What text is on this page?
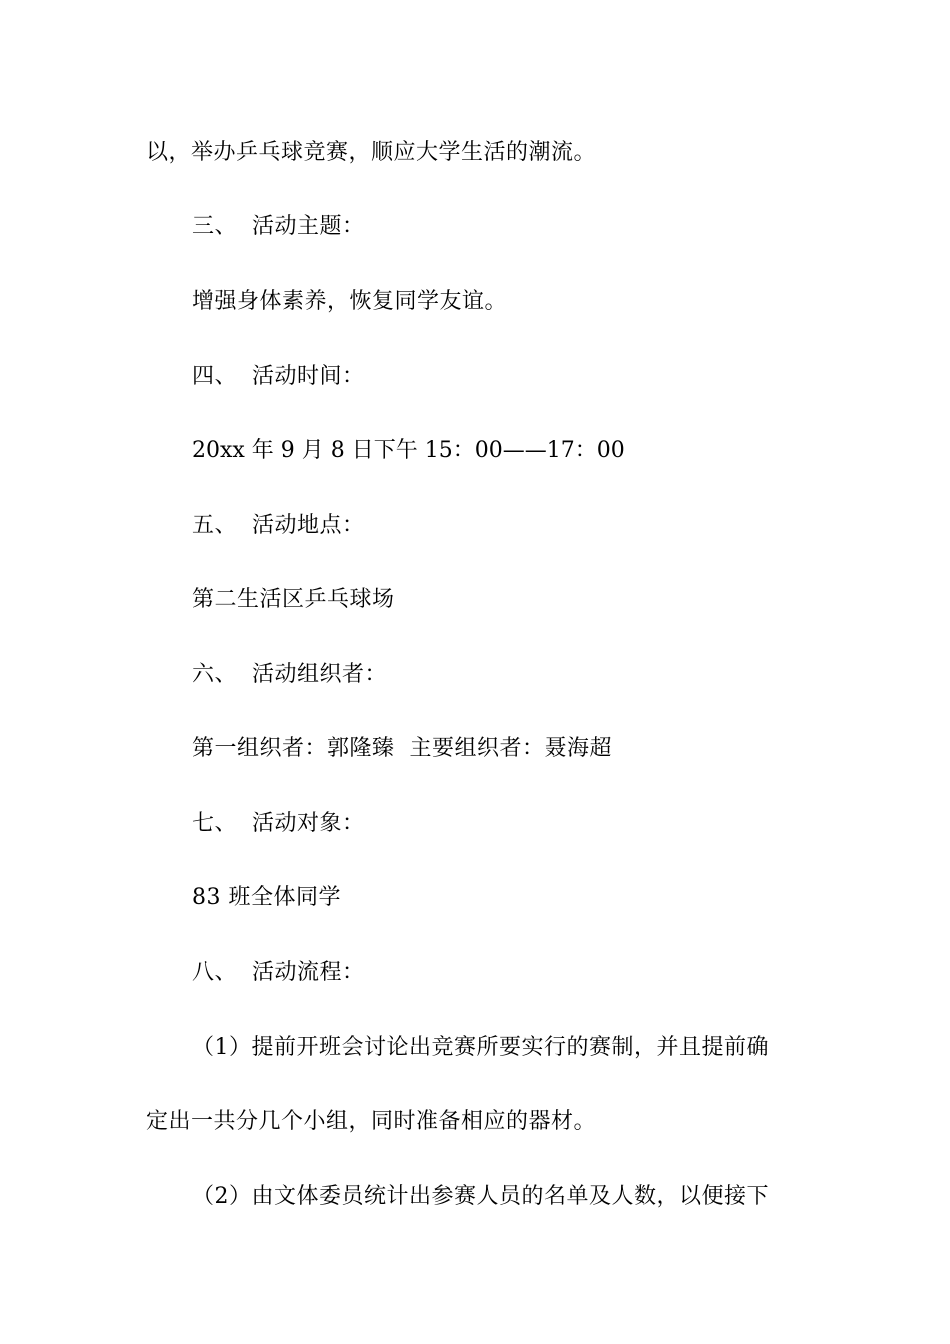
以，举办乒乓球竞赛，顺应大学生活的潮流。
三、 活动主题：
增强身体素养，恢复同学友谊。
四、 活动时间：
20xx 年 9 月 8 日下午 15：00——17：00
五、 活动地点：
第二生活区乒乓球场
六、 活动组织者：
第一组织者：郭隆臻  主要组织者：聂海超
七、 活动对象：
83 班全体同学
八、 活动流程：
（1）提前开班会讨论出竞赛所要实行的赛制，并且提前确
定出一共分几个小组，同时准备相应的器材。
（2）由文体委员统计出参赛人员的名单及人数，以便接下
